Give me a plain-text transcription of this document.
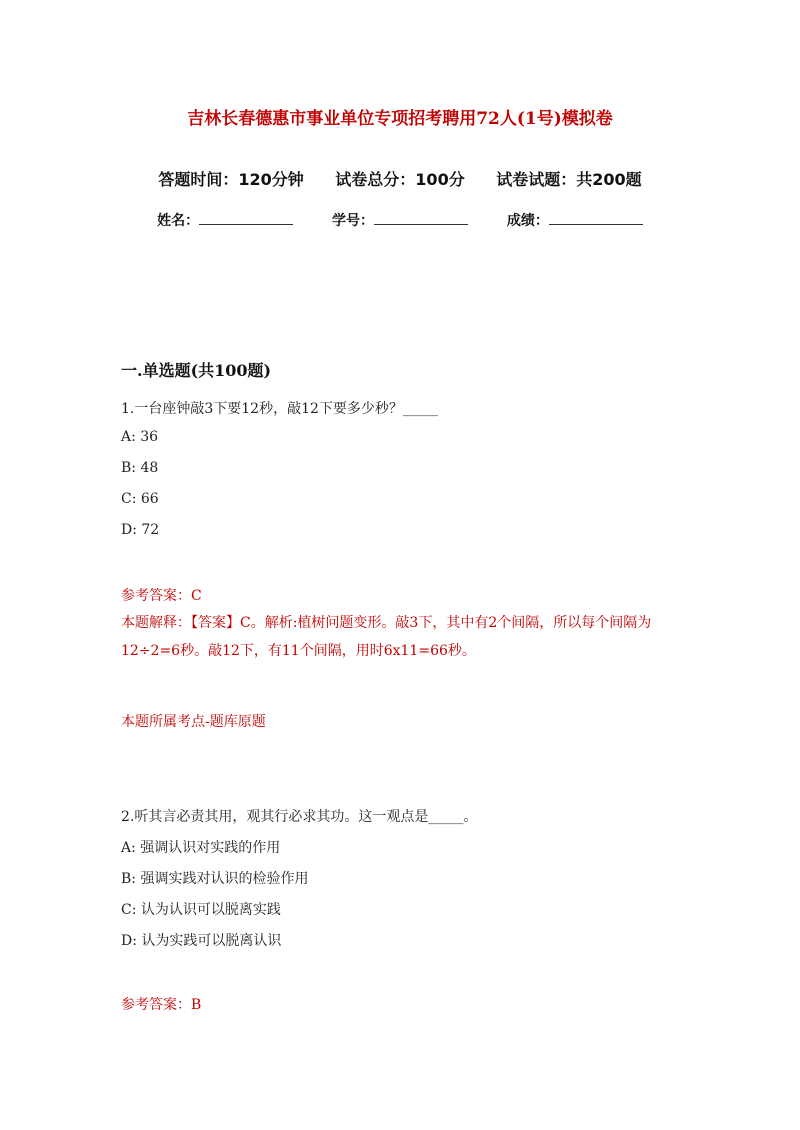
吉林长春德惠市事业单位专项招考聘用72人(1号)模拟卷
答题时间：120分钟 试卷总分：100分 试卷试题：共200题
姓名：	学号：	成绩：
一.单选题(共100题)
1.一台座钟敲3下要12秒，敲12下要多少秒？_____
A: 36
B: 48
C: 66
D: 72
参考答案：C
本题解释：【答案】C。解析:植树问题变形。敲3下，其中有2个间隔，所以每个间隔为12÷2=6秒。敲12下，有11个间隔，用时6x11=66秒。
本题所属考点-题库原题
2.听其言必责其用，观其行必求其功。这一观点是_____。
A: 强调认识对实践的作用
B: 强调实践对认识的检验作用
C: 认为认识可以脱离实践
D: 认为实践可以脱离认识
参考答案：B
